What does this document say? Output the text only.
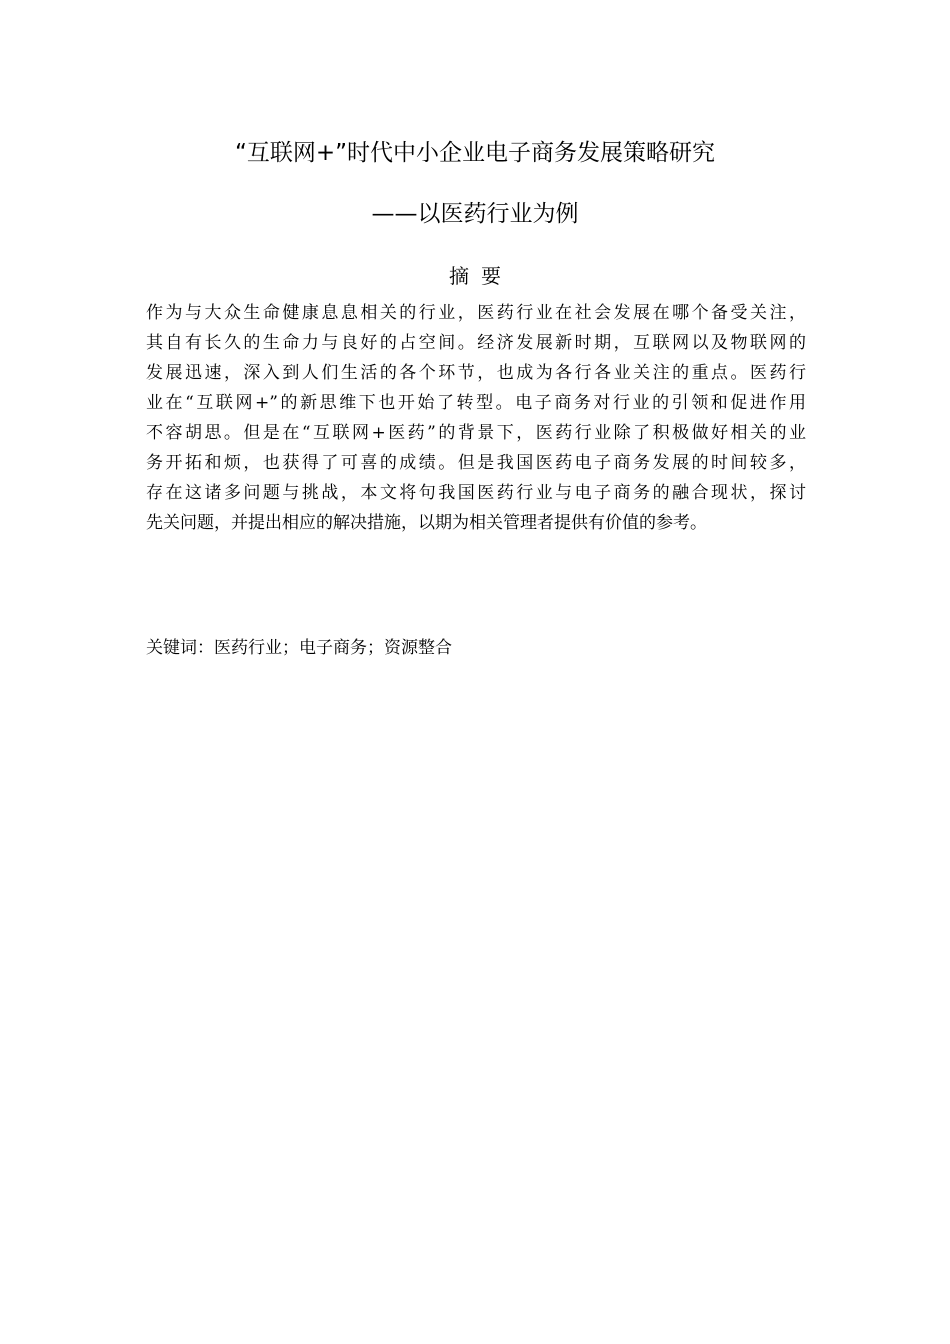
“互联网+”时代中小企业电子商务发展策略研究
——以医药行业为例
摘要
作为与大众生命健康息息相关的行业，医药行业在社会发展在哪个备受关注，
其自有长久的生命力与良好的占空间。经济发展新时期，互联网以及物联网的
发展迅速，深入到人们生活的各个环节，也成为各行各业关注的重点。医药行
业在“互联网+”的新思维下也开始了转型。电子商务对行业的引领和促进作用
不容胡思。但是在“互联网+医药”的背景下，医药行业除了积极做好相关的业
务开拓和烦，也获得了可喜的成绩。但是我国医药电子商务发展的时间较多，
存在这诸多问题与挑战，本文将句我国医药行业与电子商务的融合现状，探讨
先关问题，并提出相应的解决措施，以期为相关管理者提供有价值的参考。
关键词：医药行业；电子商务；资源整合
